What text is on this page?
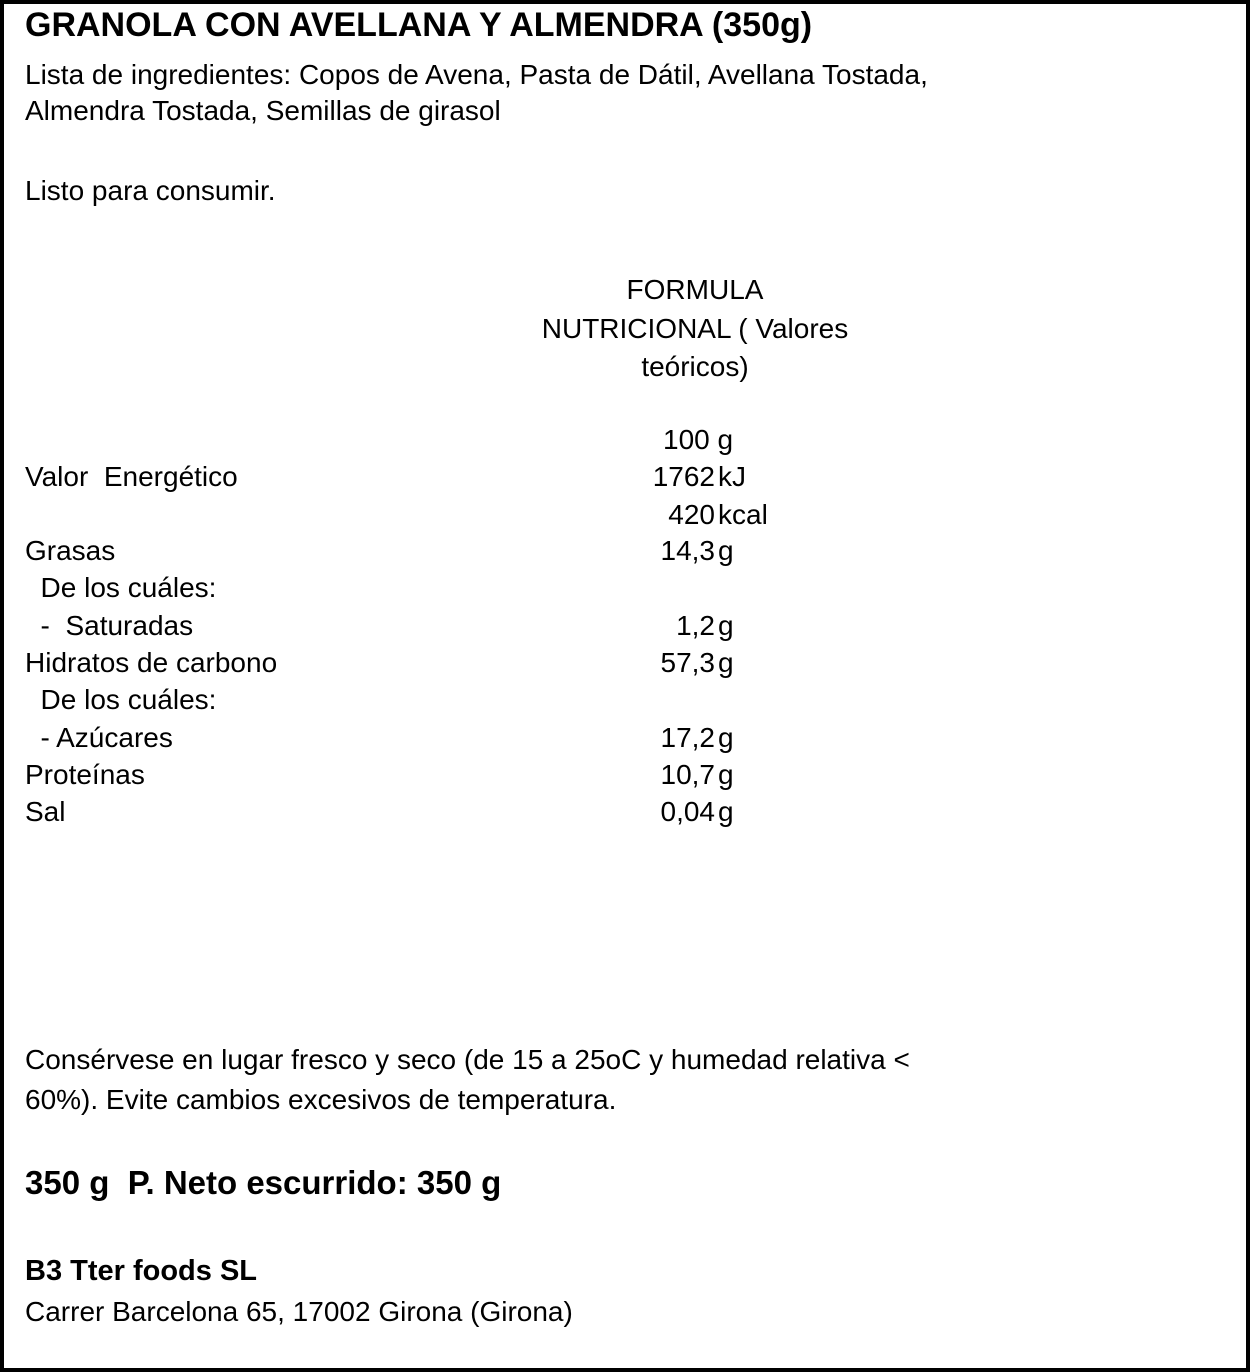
GRANOLA CON AVELLANA Y ALMENDRA (350g)
Lista de ingredientes: Copos de Avena, Pasta de Dátil, Avellana Tostada,
Almendra Tostada, Semillas de girasol
Listo para consumir.
FORMULA
NUTRICIONAL ( Valores
teóricos)
100 g
Valor  Energético	1762 kJ
420 kcal
Grasas	14,3 g
De los cuáles:
-  Saturadas	1,2 g
Hidratos de carbono	57,3 g
De los cuáles:
- Azúcares	17,2 g
Proteínas	10,7 g
Sal	0,04 g
Consérvese en lugar fresco y seco (de 15 a 25oC y humedad relativa <
60%). Evite cambios excesivos de temperatura.
350 g  P. Neto escurrido: 350 g
B3 Tter foods SL
Carrer Barcelona 65, 17002 Girona (Girona)
